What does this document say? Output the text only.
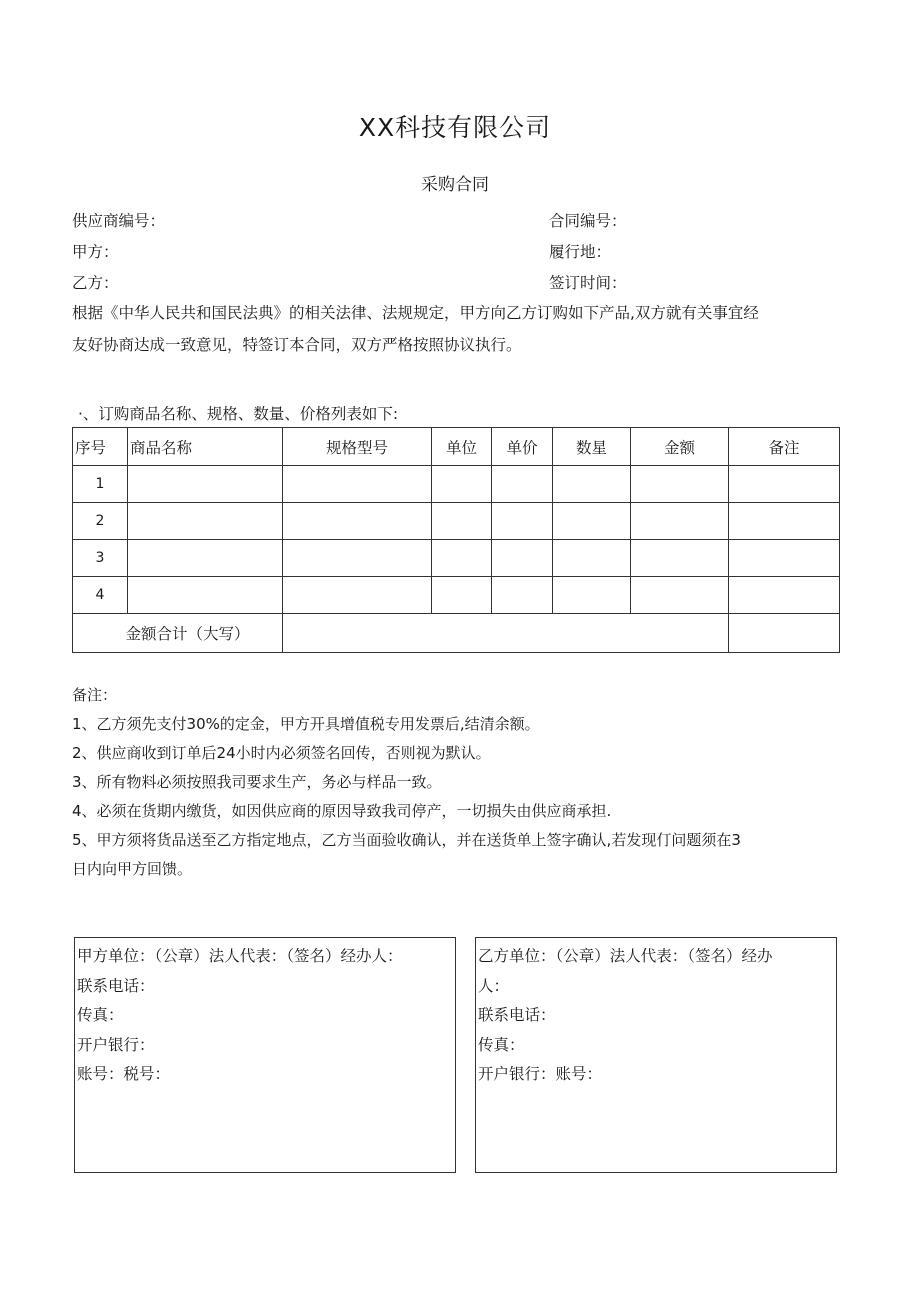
XX科技有限公司
采购合同
供应商编号：	合同编号：
甲方：	履行地：
乙方：	签订时间：
根据《中华人民共和国民法典》的相关法律、法规规定，甲方向乙方订购如下产品,双方就有关事宜经
友好协商达成一致意见，特签订本合同，双方严格按照协议执行。
·、订购商品名称、规格、数量、价格列表如下:
序号	商品名称	规格型号	单位	单价	数星	金额	备注
1							
2							
3							
4							
金额合计（大写）							
备注：
1、乙方须先支付30%的定金，甲方开具增值税专用发票后,结清余额。
2、供应商收到订单后24小时内必须签名回传，否则视为默认。
3、所有物料必须按照我司要求生产，务必与样品一致。
4、必须在货期内缴货，如因供应商的原因导致我司停产，一切损失由供应商承担.
5、甲方须将货品送至乙方指定地点，乙方当面验收确认，并在送货单上签字确认,若发现仃问题须在3
日内向甲方回馈。
甲方单位：（公章）法人代表：（签名）经办人：
联系电话：
传真：
开户银行：
账号：税号：
乙方单位：（公章）法人代表：（签名）经办
人：
联系电话：
传真：
开户银行：账号：
